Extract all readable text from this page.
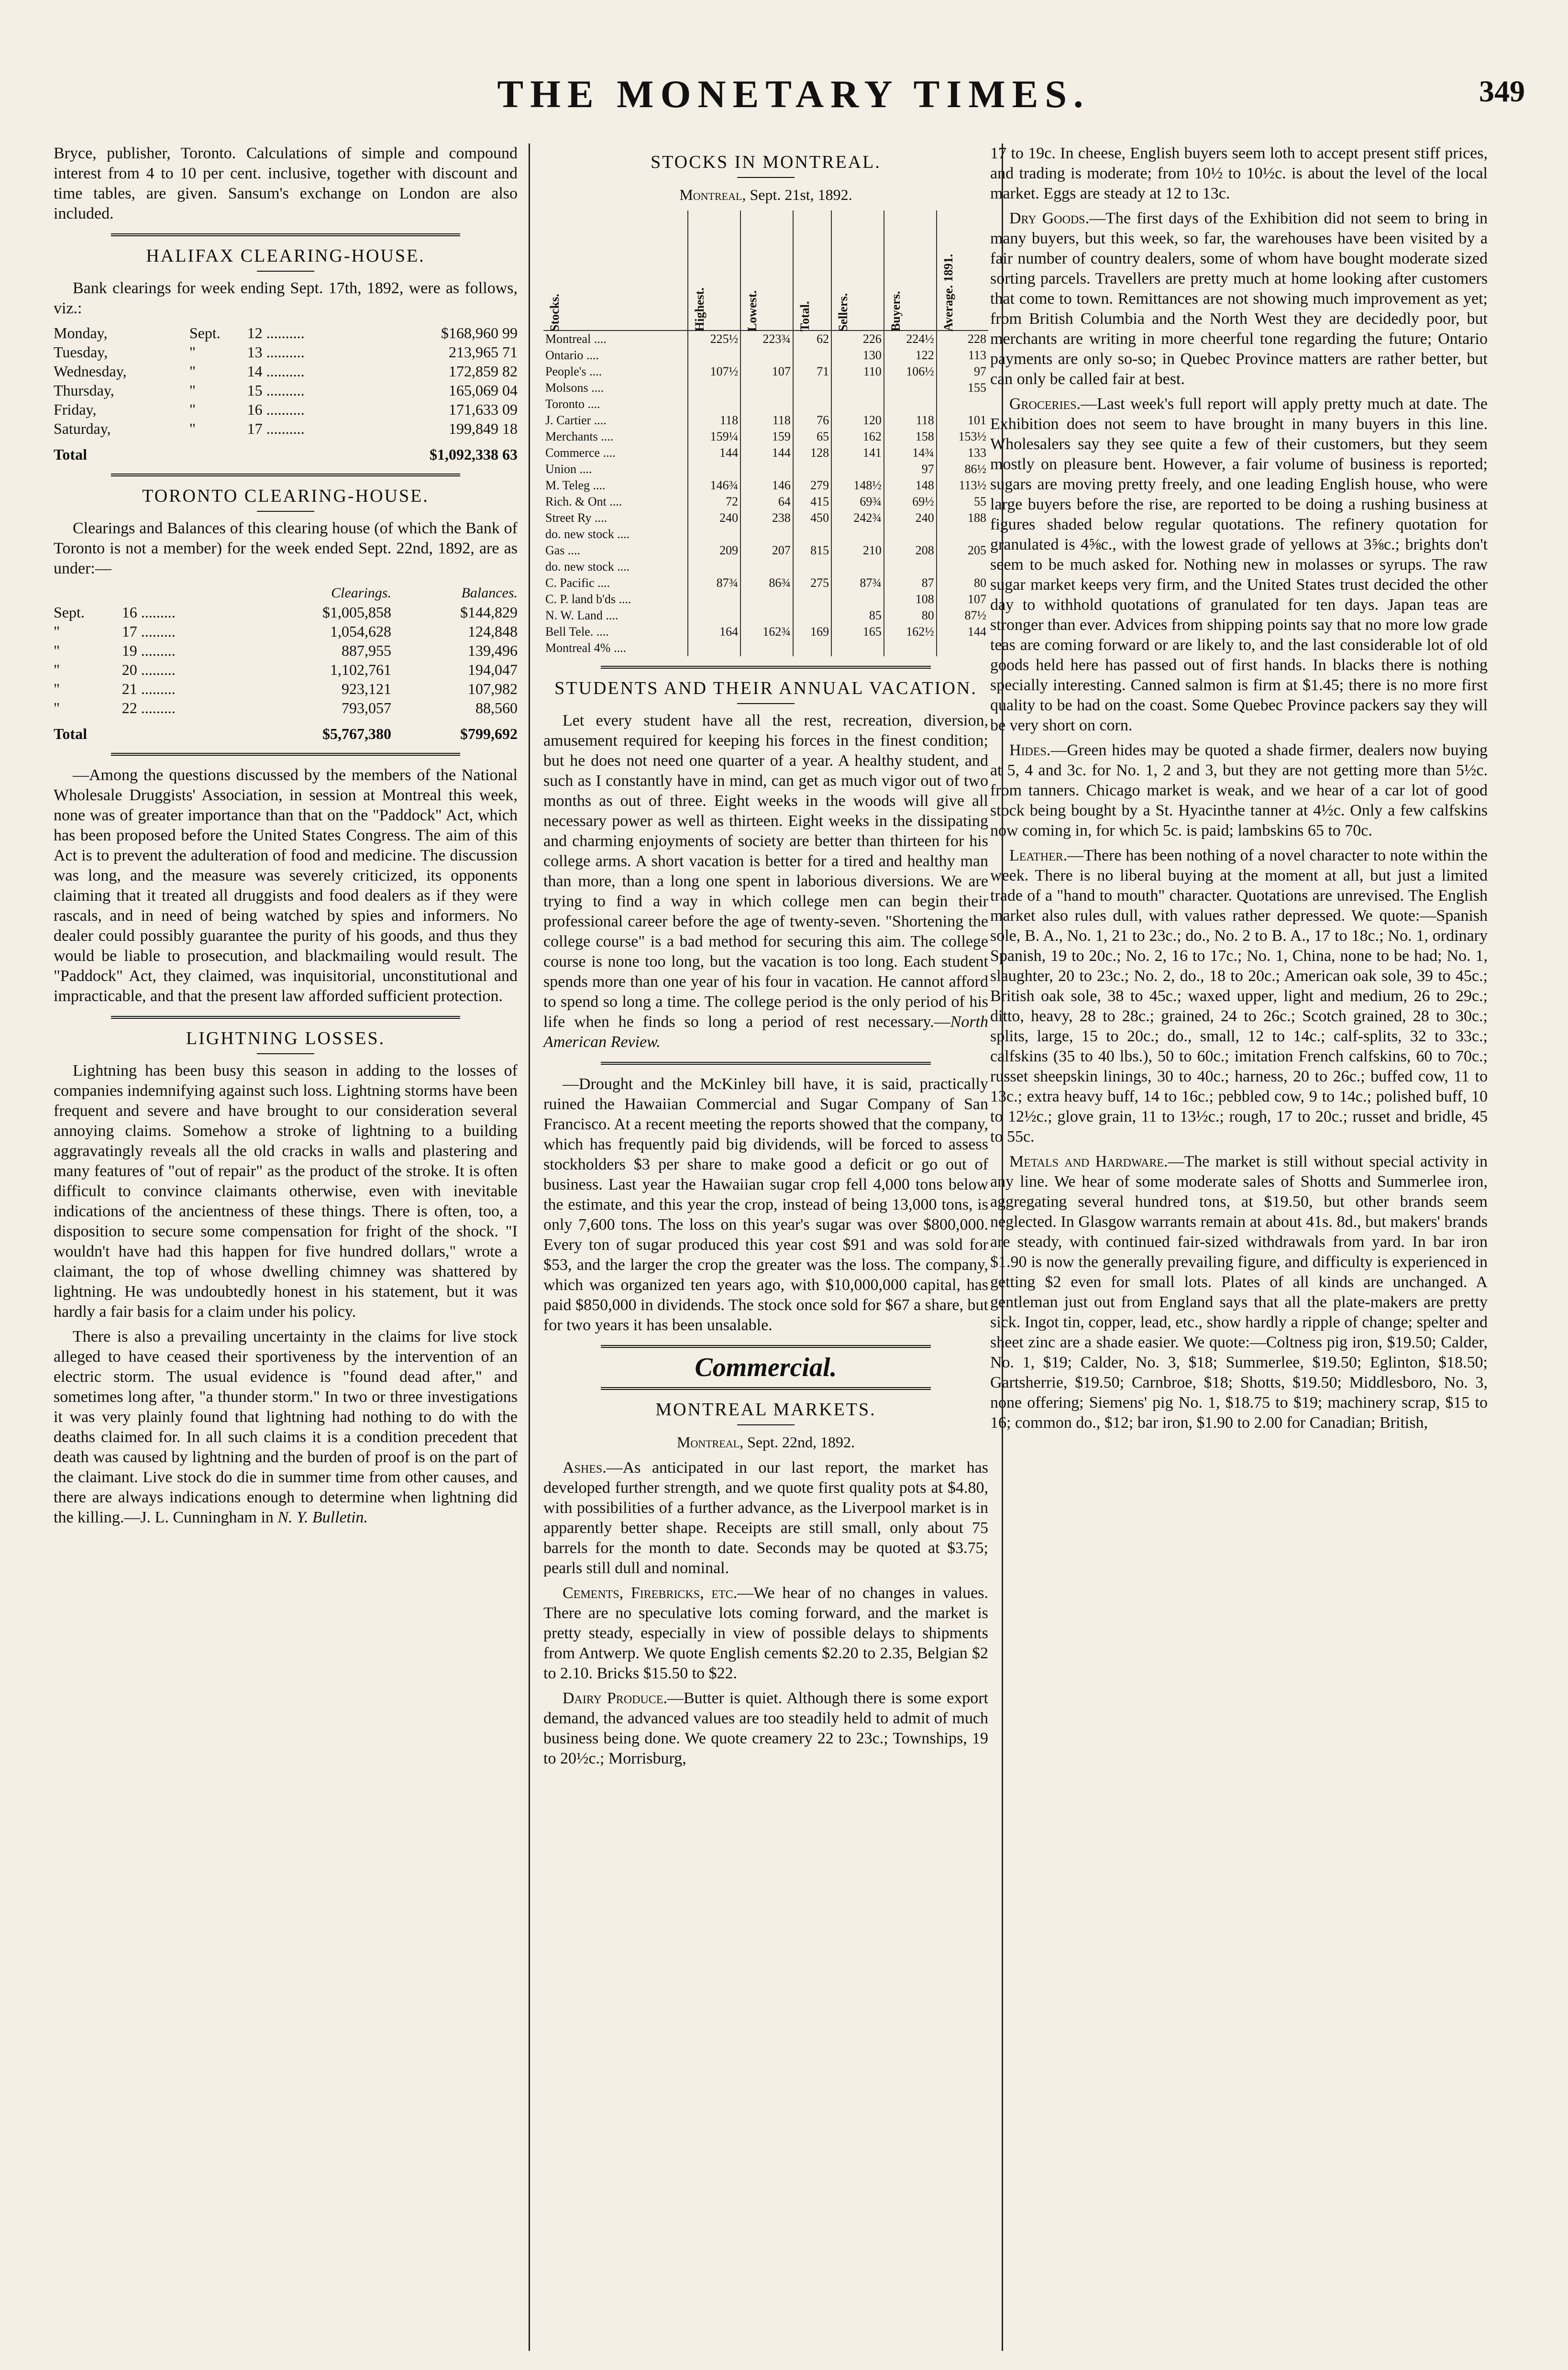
THE MONETARY TIMES.	349

Bryce, publisher, Toronto. Calculations of simple and compound interest from 4 to 10 per cent. inclusive, together with discount and time tables, are given. Sansum's exchange on London are also included.

HALIFAX CLEARING-HOUSE.

Bank clearings for week ending Sept. 17th, 1892, were as follows, viz.:

Monday,	Sept.	12 ..........	$168,960 99
Tuesday,	"	13 ..........	213,965 71
Wednesday,	"	14 ..........	172,859 82
Thursday,	"	15 ..........	165,069 04
Friday,	"	16 ..........	171,633 09
Saturday,	"	17 ..........	199,849 18
Total			$1,092,338 63
TORONTO CLEARING-HOUSE.

Clearings and Balances of this clearing house (of which the Bank of Toronto is not a member) for the week ended Sept. 22nd, 1892, are as under:—

		Clearings.	Balances.
Sept.	16 .........	$1,005,858	$144,829
"	17 .........	1,054,628	124,848
"	19 .........	887,955	139,496
"	20 .........	1,102,761	194,047
"	21 .........	923,121	107,982
"	22 .........	793,057	88,560
Total		$5,767,380	$799,692

—Among the questions discussed by the members of the National Wholesale Druggists' Association, in session at Montreal this week, none was of greater importance than that on the "Paddock" Act, which has been proposed before the United States Congress. The aim of this Act is to prevent the adulteration of food and medicine. The discussion was long, and the measure was severely criticized, its opponents claiming that it treated all druggists and food dealers as if they were rascals, and in need of being watched by spies and informers. No dealer could possibly guarantee the purity of his goods, and thus they would be liable to prosecution, and blackmailing would result. The "Paddock" Act, they claimed, was inquisitorial, unconstitutional and impracticable, and that the present law afforded sufficient protection.

LIGHTNING LOSSES.

Lightning has been busy this season in adding to the losses of companies indemnifying against such loss. Lightning storms have been frequent and severe and have brought to our consideration several annoying claims. Somehow a stroke of lightning to a building aggravatingly reveals all the old cracks in walls and plastering and many features of "out of repair" as the product of the stroke. It is often difficult to convince claimants otherwise, even with inevitable indications of the ancientness of these things. There is often, too, a disposition to secure some compensation for fright of the shock. "I wouldn't have had this happen for five hundred dollars," wrote a claimant, the top of whose dwelling chimney was shattered by lightning. He was undoubtedly honest in his statement, but it was hardly a fair basis for a claim under his policy.

There is also a prevailing uncertainty in the claims for live stock alleged to have ceased their sportiveness by the intervention of an electric storm. The usual evidence is "found dead after," and sometimes long after, "a thunder storm." In two or three investigations it was very plainly found that lightning had nothing to do with the deaths claimed for. In all such claims it is a condition precedent that death was caused by lightning and the burden of proof is on the part of the claimant. Live stock do die in summer time from other causes, and there are always indications enough to determine when lightning did the killing.—J. L. Cunningham in N. Y. Bulletin.

STOCKS IN MONTREAL.
Montreal, Sept. 21st, 1892.
Stocks.	Highest.	Lowest.	Total.	Sellers.	Buyers.	Average. 1891.
Montreal ....	225½	223¾	62	226	224½	228
Ontario ....				130	122	113
People's ....	107½	107	71	110	106½	97
Molsons ....						155
Toronto ....						
J. Cartier ....	118	118	76	120	118	101
Merchants ....	159¼	159	65	162	158	153½
Commerce ....	144	144	128	141	14¾	133
Union ....					97	86½
M. Teleg ....	146¾	146	279	148½	148	113½
Rich. & Ont ....	72	64	415	69¾	69½	55
Street Ry ....	240	238	450	242¾	240	188
do. new stock ....						
Gas ....	209	207	815	210	208	205
do. new stock ....						
C. Pacific ....	87¾	86¾	275	87¾	87	80
C. P. land b'ds ....					108	107
N. W. Land ....				85	80	87½
Bell Tele. ....	164	162¾	169	165	162½	144
Montreal 4% ....						
STUDENTS AND THEIR ANNUAL VACATION.

Let every student have all the rest, recreation, diversion, amusement required for keeping his forces in the finest condition; but he does not need one quarter of a year. A healthy student, and such as I constantly have in mind, can get as much vigor out of two months as out of three. Eight weeks in the woods will give all necessary power as well as thirteen. Eight weeks in the dissipating and charming enjoyments of society are better than thirteen for his college arms. A short vacation is better for a tired and healthy man than more, than a long one spent in laborious diversions. We are trying to find a way in which college men can begin their professional career before the age of twenty-seven. "Shortening the college course" is a bad method for securing this aim. The college course is none too long, but the vacation is too long. Each student spends more than one year of his four in vacation. He cannot afford to spend so long a time. The college period is the only period of his life when he finds so long a period of rest necessary.—North American Review.

—Drought and the McKinley bill have, it is said, practically ruined the Hawaiian Commercial and Sugar Company of San Francisco. At a recent meeting the reports showed that the company, which has frequently paid big dividends, will be forced to assess stockholders $3 per share to make good a deficit or go out of business. Last year the Hawaiian sugar crop fell 4,000 tons below the estimate, and this year the crop, instead of being 13,000 tons, is only 7,600 tons. The loss on this year's sugar was over $800,000. Every ton of sugar produced this year cost $91 and was sold for $53, and the larger the crop the greater was the loss. The company, which was organized ten years ago, with $10,000,000 capital, has paid $850,000 in dividends. The stock once sold for $67 a share, but for two years it has been unsalable.

Commercial.
MONTREAL MARKETS.
Montreal, Sept. 22nd, 1892.

Ashes.—As anticipated in our last report, the market has developed further strength, and we quote first quality pots at $4.80, with possibilities of a further advance, as the Liverpool market is in apparently better shape. Receipts are still small, only about 75 barrels for the month to date. Seconds may be quoted at $3.75; pearls still dull and nominal.

Cements, Firebricks, etc.—We hear of no changes in values. There are no speculative lots coming forward, and the market is pretty steady, especially in view of possible delays to shipments from Antwerp. We quote English cements $2.20 to 2.35, Belgian $2 to 2.10. Bricks $15.50 to $22.

Dairy Produce.—Butter is quiet. Although there is some export demand, the advanced values are too steadily held to admit of much business being done. We quote creamery 22 to 23c.; Townships, 19 to 20½c.; Morrisburg,

17 to 19c. In cheese, English buyers seem loth to accept present stiff prices, and trading is moderate; from 10½ to 10½c. is about the level of the local market. Eggs are steady at 12 to 13c.

Dry Goods.—The first days of the Exhibition did not seem to bring in many buyers, but this week, so far, the warehouses have been visited by a fair number of country dealers, some of whom have bought moderate sized sorting parcels. Travellers are pretty much at home looking after customers that come to town. Remittances are not showing much improvement as yet; from British Columbia and the North West they are decidedly poor, but merchants are writing in more cheerful tone regarding the future; Ontario payments are only so-so; in Quebec Province matters are rather better, but can only be called fair at best.

Groceries.—Last week's full report will apply pretty much at date. The Exhibition does not seem to have brought in many buyers in this line. Wholesalers say they see quite a few of their customers, but they seem mostly on pleasure bent. However, a fair volume of business is reported; sugars are moving pretty freely, and one leading English house, who were large buyers before the rise, are reported to be doing a rushing business at figures shaded below regular quotations. The refinery quotation for granulated is 4⅝c., with the lowest grade of yellows at 3⅝c.; brights don't seem to be much asked for. Nothing new in molasses or syrups. The raw sugar market keeps very firm, and the United States trust decided the other day to withhold quotations of granulated for ten days. Japan teas are stronger than ever. Advices from shipping points say that no more low grade teas are coming forward or are likely to, and the last considerable lot of old goods held here has passed out of first hands. In blacks there is nothing specially interesting. Canned salmon is firm at $1.45; there is no more first quality to be had on the coast. Some Quebec Province packers say they will be very short on corn.

Hides.—Green hides may be quoted a shade firmer, dealers now buying at 5, 4 and 3c. for No. 1, 2 and 3, but they are not getting more than 5½c. from tanners. Chicago market is weak, and we hear of a car lot of good stock being bought by a St. Hyacinthe tanner at 4½c. Only a few calfskins now coming in, for which 5c. is paid; lambskins 65 to 70c.

Leather.—There has been nothing of a novel character to note within the week. There is no liberal buying at the moment at all, but just a limited trade of a "hand to mouth" character. Quotations are unrevised. The English market also rules dull, with values rather depressed. We quote:—Spanish sole, B. A., No. 1, 21 to 23c.; do., No. 2 to B. A., 17 to 18c.; No. 1, ordinary Spanish, 19 to 20c.; No. 2, 16 to 17c.; No. 1, China, none to be had; No. 1, slaughter, 20 to 23c.; No. 2, do., 18 to 20c.; American oak sole, 39 to 45c.; British oak sole, 38 to 45c.; waxed upper, light and medium, 26 to 29c.; ditto, heavy, 28 to 28c.; grained, 24 to 26c.; Scotch grained, 28 to 30c.; splits, large, 15 to 20c.; do., small, 12 to 14c.; calf-splits, 32 to 33c.; calfskins (35 to 40 lbs.), 50 to 60c.; imitation French calfskins, 60 to 70c.; russet sheepskin linings, 30 to 40c.; harness, 20 to 26c.; buffed cow, 11 to 13c.; extra heavy buff, 14 to 16c.; pebbled cow, 9 to 14c.; polished buff, 10 to 12½c.; glove grain, 11 to 13½c.; rough, 17 to 20c.; russet and bridle, 45 to 55c.

Metals and Hardware.—The market is still without special activity in any line. We hear of some moderate sales of Shotts and Summerlee iron, aggregating several hundred tons, at $19.50, but other brands seem neglected. In Glasgow warrants remain at about 41s. 8d., but makers' brands are steady, with continued fair-sized withdrawals from yard. In bar iron $1.90 is now the generally prevailing figure, and difficulty is experienced in getting $2 even for small lots. Plates of all kinds are unchanged. A gentleman just out from England says that all the plate-makers are pretty sick. Ingot tin, copper, lead, etc., show hardly a ripple of change; spelter and sheet zinc are a shade easier. We quote:—Coltness pig iron, $19.50; Calder, No. 1, $19; Calder, No. 3, $18; Summerlee, $19.50; Eglinton, $18.50; Gartsherrie, $19.50; Carnbroe, $18; Shotts, $19.50; Middlesboro, No. 3, none offering; Siemens' pig No. 1, $18.75 to $19; machinery scrap, $15 to 16; common do., $12; bar iron, $1.90 to 2.00 for Canadian; British,
